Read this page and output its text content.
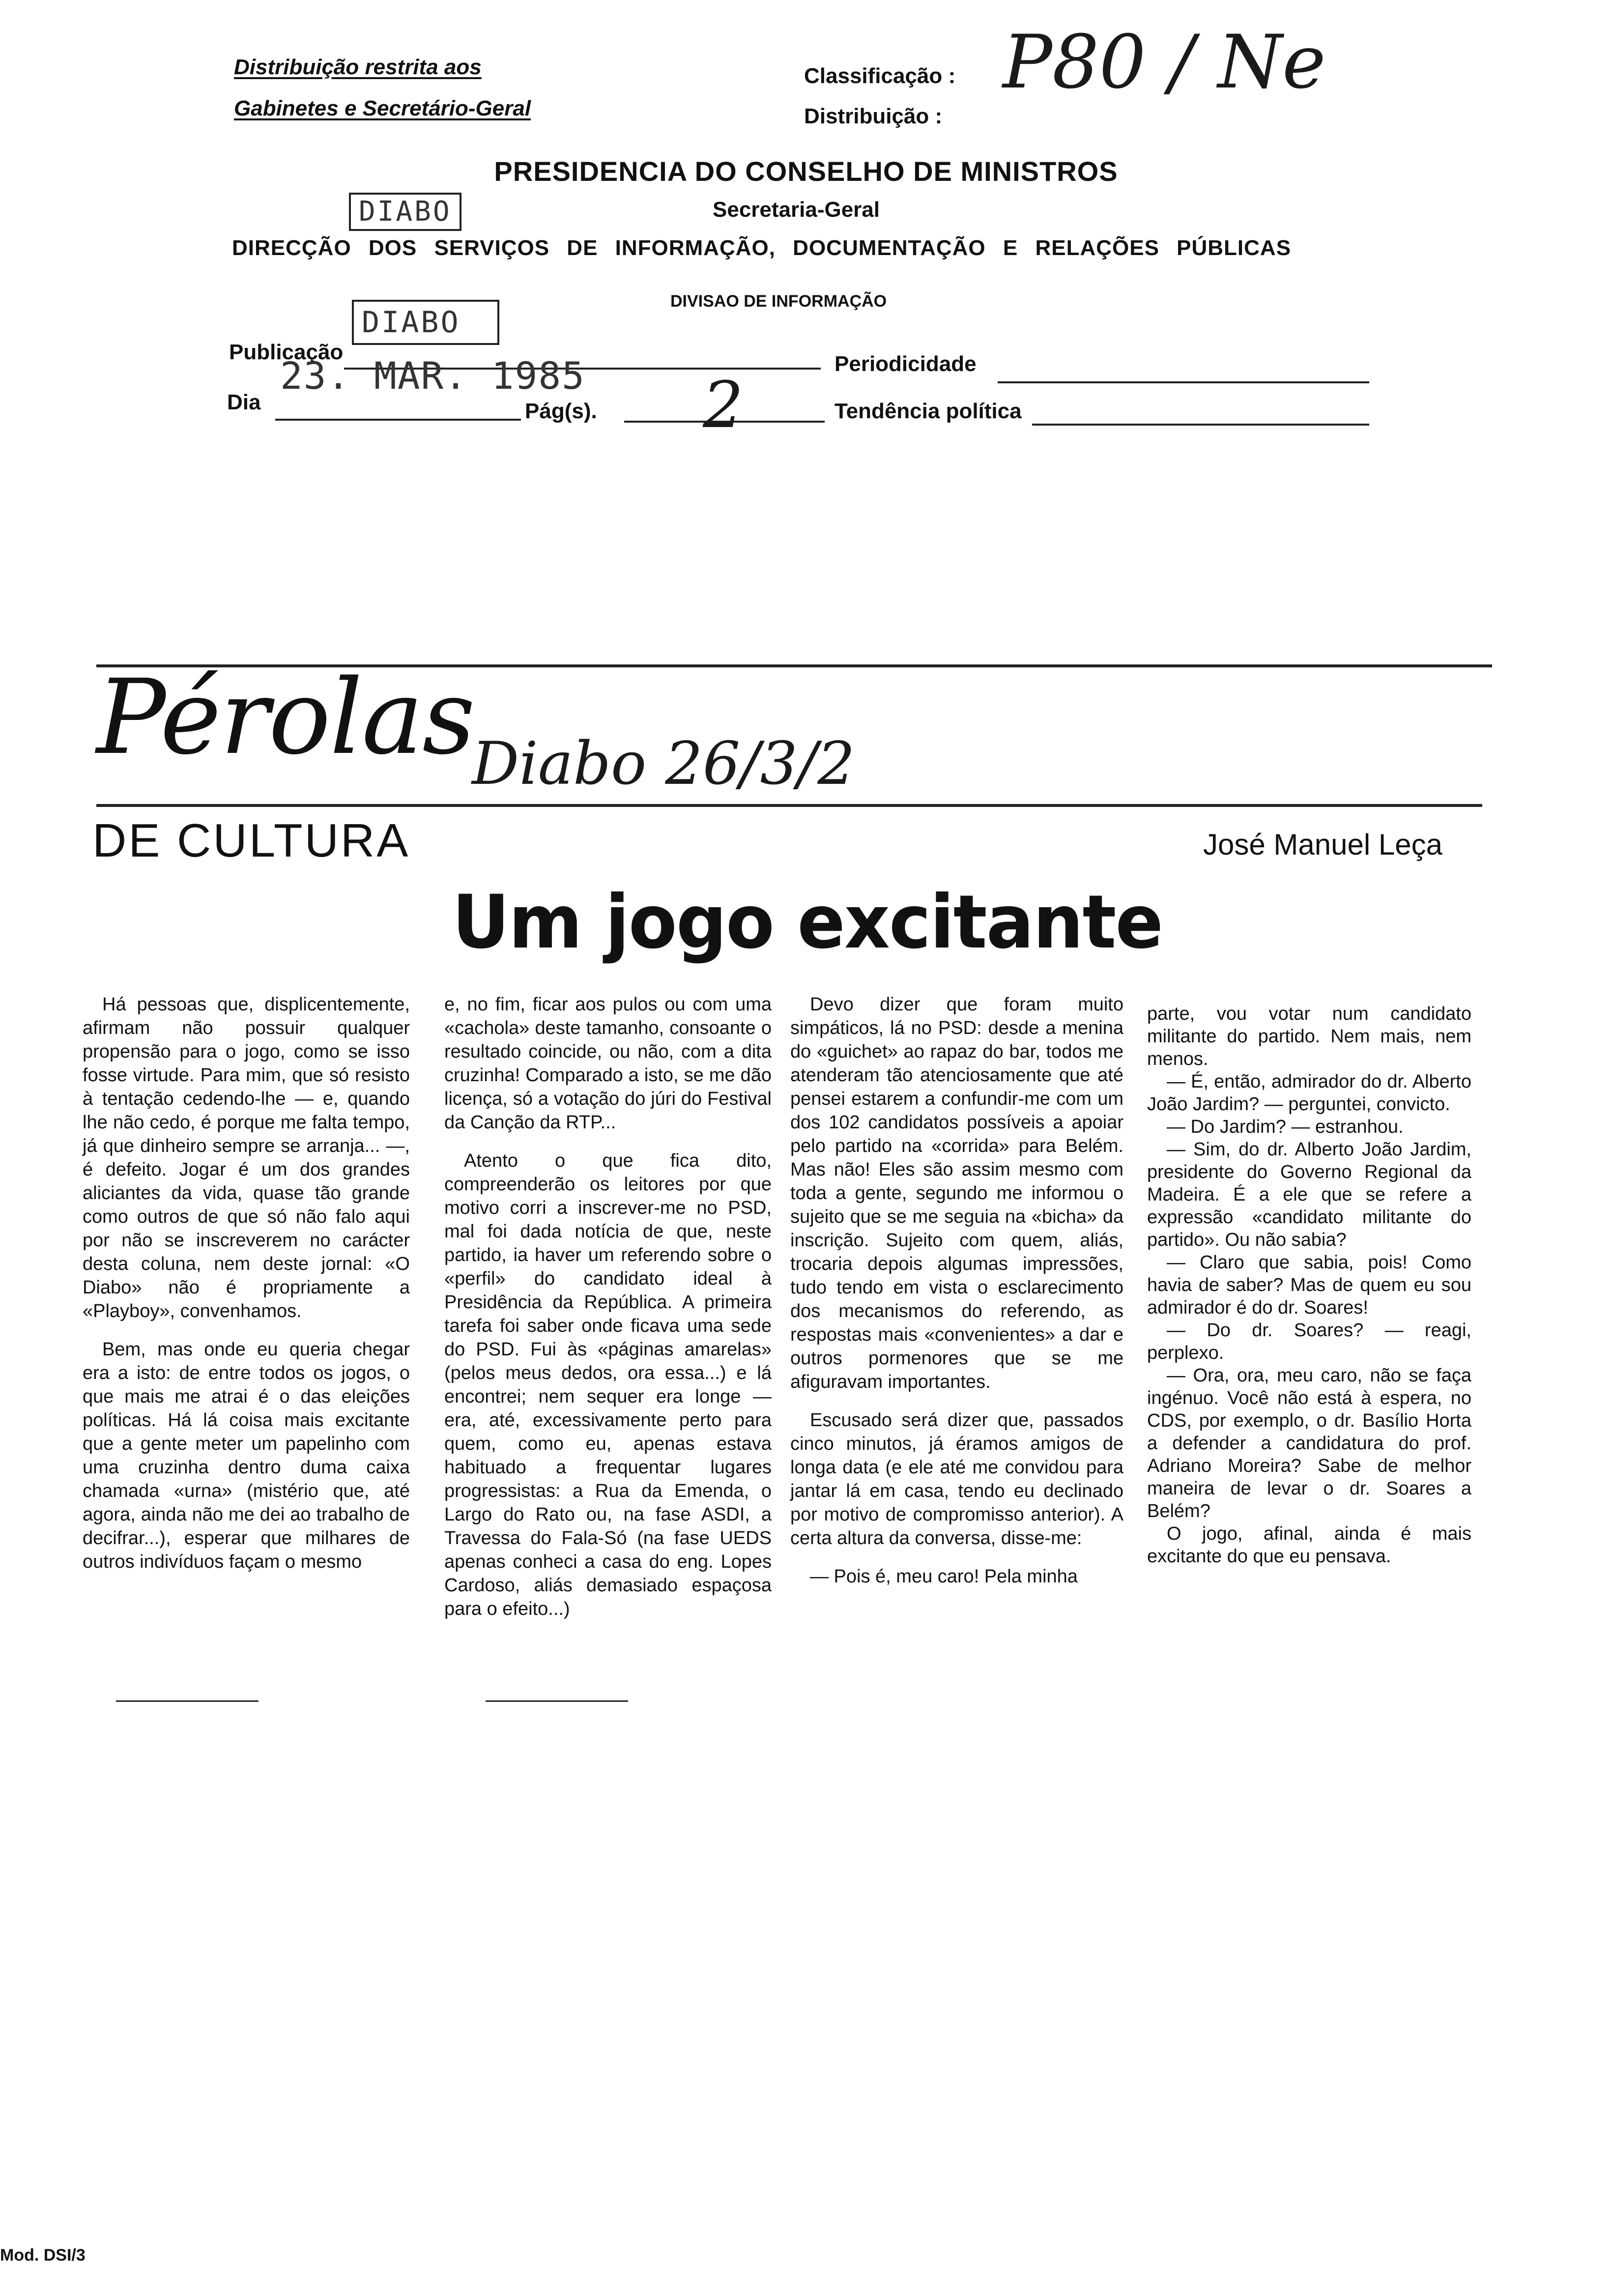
Distribuição restrita aos
Gabinetes e Secretário-Geral
Classificação :
Distribuição :
P80 / Ne
PRESIDENCIA DO CONSELHO DE MINISTROS
Secretaria-Geral
DIABO
DIRECÇÃO DOS SERVIÇOS DE INFORMAÇÃO, DOCUMENTAÇÃO E RELAÇÕES PÚBLICAS
DIVISAO DE INFORMAÇÃO
DIABO
Publicação
23. MAR. 1985	Periodicidade
Dia	Pág(s). 2	Tendência política
Pérolas
Diabo 26/3/2
DE CULTURA	José Manuel Leça
Um jogo excitante

Há pessoas que, displicentemente, afirmam não possuir qualquer propensão para o jogo, como se isso fosse virtude. Para mim, que só resisto à tentação cedendo-lhe — e, quando lhe não cedo, é porque me falta tempo, já que dinheiro sempre se arranja... —, é defeito. Jogar é um dos grandes aliciantes da vida, quase tão grande como outros de que só não falo aqui por não se inscreverem no carácter desta coluna, nem deste jornal: «O Diabo» não é propriamente a «Playboy», convenhamos.

Bem, mas onde eu queria chegar era a isto: de entre todos os jogos, o que mais me atrai é o das eleições políticas. Há lá coisa mais excitante que a gente meter um papelinho com uma cruzinha dentro duma caixa chamada «urna» (mistério que, até agora, ainda não me dei ao trabalho de decifrar...), esperar que milhares de outros indivíduos façam o mesmo

e, no fim, ficar aos pulos ou com uma «cachola» deste tamanho, consoante o resultado coincide, ou não, com a dita cruzinha! Comparado a isto, se me dão licença, só a votação do júri do Festival da Canção da RTP...

Atento o que fica dito, compreenderão os leitores por que motivo corri a inscrever-me no PSD, mal foi dada notícia de que, neste partido, ia haver um referendo sobre o «perfil» do candidato ideal à Presidência da República. A primeira tarefa foi saber onde ficava uma sede do PSD. Fui às «páginas amarelas» (pelos meus dedos, ora essa...) e lá encontrei; nem sequer era longe — era, até, excessivamente perto para quem, como eu, apenas estava habituado a frequentar lugares progressistas: a Rua da Emenda, o Largo do Rato ou, na fase ASDI, a Travessa do Fala-Só (na fase UEDS apenas conheci a casa do eng. Lopes Cardoso, aliás demasiado espaçosa para o efeito...)

Devo dizer que foram muito simpáticos, lá no PSD: desde a menina do «guichet» ao rapaz do bar, todos me atenderam tão atenciosamente que até pensei estarem a confundir-me com um dos 102 candidatos possíveis a apoiar pelo partido na «corrida» para Belém. Mas não! Eles são assim mesmo com toda a gente, segundo me informou o sujeito que se me seguia na «bicha» da inscrição. Sujeito com quem, aliás, trocaria depois algumas impressões, tudo tendo em vista o esclarecimento dos mecanismos do referendo, as respostas mais «convenientes» a dar e outros pormenores que se me afiguravam importantes.

Escusado será dizer que, passados cinco minutos, já éramos amigos de longa data (e ele até me convidou para jantar lá em casa, tendo eu declinado por motivo de compromisso anterior). A certa altura da conversa, disse-me:

— Pois é, meu caro! Pela minha

parte, vou votar num candidato militante do partido. Nem mais, nem menos.

— É, então, admirador do dr. Alberto João Jardim? — perguntei, convicto.

— Do Jardim? — estranhou.

— Sim, do dr. Alberto João Jardim, presidente do Governo Regional da Madeira. É a ele que se refere a expressão «candidato militante do partido». Ou não sabia?

— Claro que sabia, pois! Como havia de saber? Mas de quem eu sou admirador é do dr. Soares!

— Do dr. Soares? — reagi, perplexo.

— Ora, ora, meu caro, não se faça ingénuo. Você não está à espera, no CDS, por exemplo, o dr. Basílio Horta a defender a candidatura do prof. Adriano Moreira? Sabe de melhor maneira de levar o dr. Soares a Belém?

O jogo, afinal, ainda é mais excitante do que eu pensava.

Mod. DSI/3
